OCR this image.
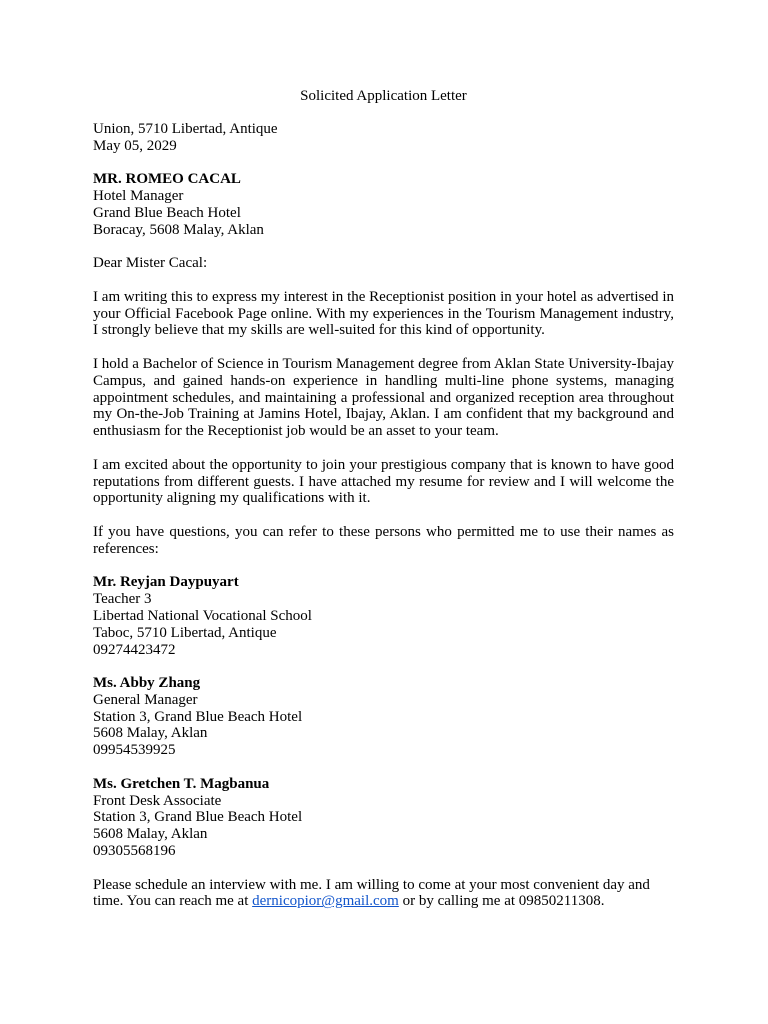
Solicited Application Letter
Union, 5710 Libertad, Antique
May 05, 2029
MR. ROMEO CACAL
Hotel Manager
Grand Blue Beach Hotel
Boracay, 5608 Malay, Aklan
Dear Mister Cacal:

I am writing this to express my interest in the Receptionist position in your hotel as advertised in your Official Facebook Page online. With my experiences in the Tourism Management industry, I strongly believe that my skills are well-suited for this kind of opportunity.

I hold a Bachelor of Science in Tourism Management degree from Aklan State University-Ibajay Campus, and gained hands-on experience in handling multi-line phone systems, managing appointment schedules, and maintaining a professional and organized reception area throughout my On-the-Job Training at Jamins Hotel, Ibajay, Aklan. I am confident that my background and enthusiasm for the Receptionist job would be an asset to your team.

I am excited about the opportunity to join your prestigious company that is known to have good reputations from different guests. I have attached my resume for review and I will welcome the opportunity aligning my qualifications with it.

If you have questions, you can refer to these persons who permitted me to use their names as references:

Mr. Reyjan Daypuyart
Teacher 3
Libertad National Vocational School
Taboc, 5710 Libertad, Antique
09274423472
Ms. Abby Zhang
General Manager
Station 3, Grand Blue Beach Hotel
5608 Malay, Aklan
09954539925
Ms. Gretchen T. Magbanua
Front Desk Associate
Station 3, Grand Blue Beach Hotel
5608 Malay, Aklan
09305568196

Please schedule an interview with me. I am willing to come at your most convenient day and time. You can reach me at dernicopior@gmail.com or by calling me at 09850211308.
